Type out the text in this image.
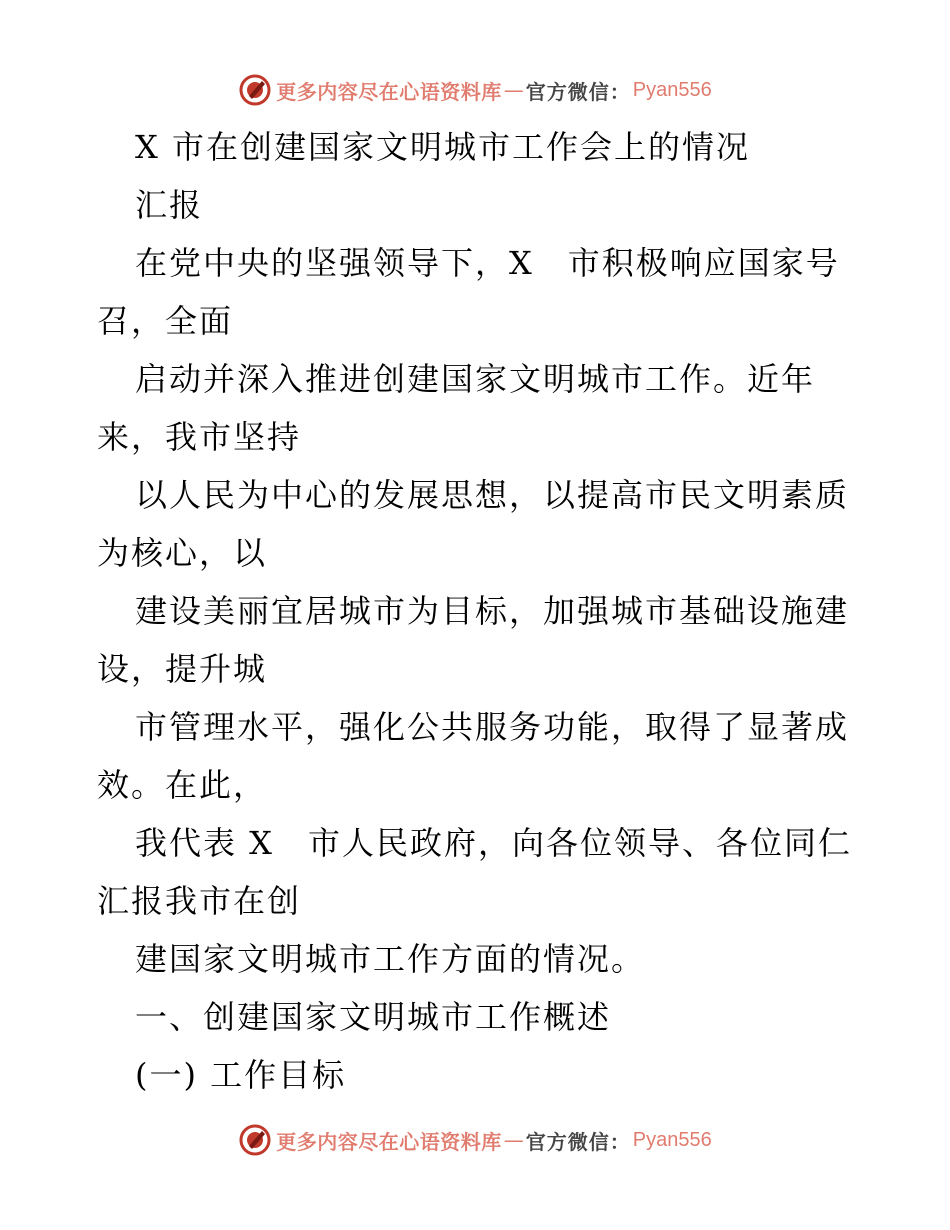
更多内容尽在心语资料库 — 官方微信： Pyan556
X 市在创建国家文明城市工作会上的情况
汇报
在党中央的坚强领导下，X　市积极响应国家号
召，全面
启动并深入推进创建国家文明城市工作。近年
来，我市坚持
以人民为中心的发展思想，以提高市民文明素质
为核心，以
建设美丽宜居城市为目标，加强城市基础设施建
设，提升城
市管理水平，强化公共服务功能，取得了显著成
效。在此，
我代表 X　市人民政府，向各位领导、各位同仁
汇报我市在创
建国家文明城市工作方面的情况。
一、创建国家文明城市工作概述
(一) 工作目标
更多内容尽在心语资料库 — 官方微信： Pyan556
